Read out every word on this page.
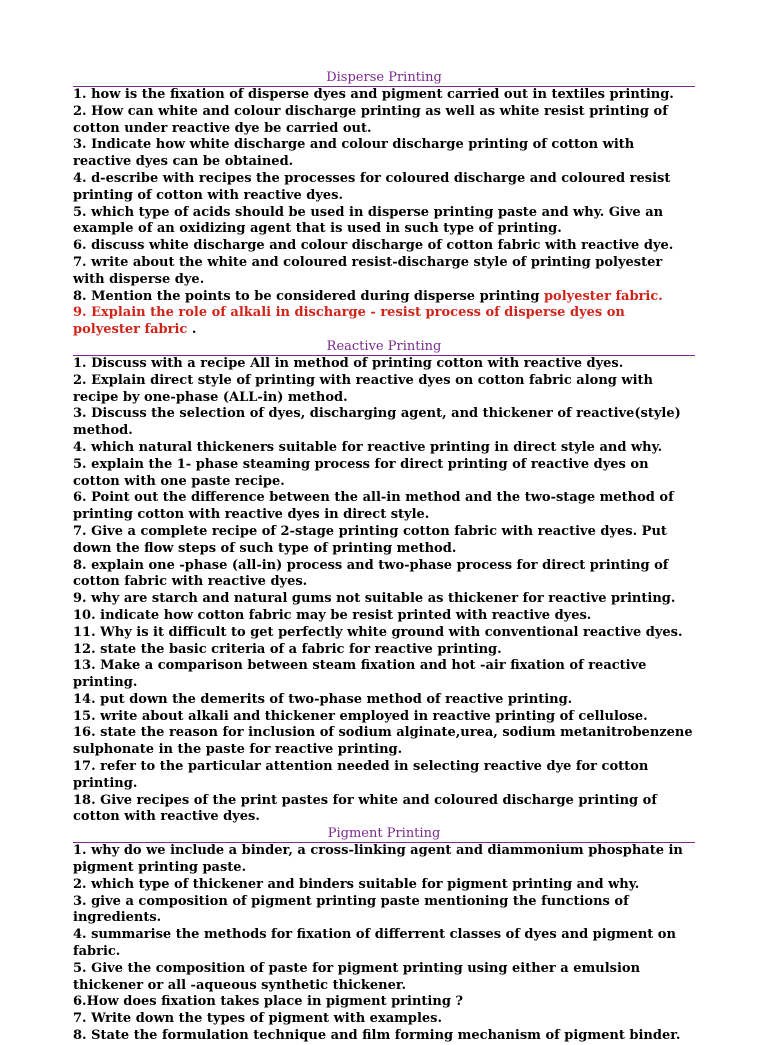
Disperse Printing

1. how is the fixation of disperse dyes and pigment carried out in textiles printing.

2. How can white and colour discharge printing as well as white resist printing of cotton under reactive dye be carried out.

3. Indicate how white discharge and colour discharge printing of cotton with reactive dyes can be obtained.

4. d-escribe with recipes the processes for coloured discharge and coloured resist printing of cotton with reactive dyes.

5. which type of acids should be used in disperse printing paste and why. Give an example of an oxidizing agent that is used in such type of printing.

6. discuss white discharge and colour discharge of cotton fabric with reactive dye.

7. write about the white and coloured resist-discharge style of printing polyester with disperse dye.

8. Mention the points to be considered during disperse printing polyester fabric.

9. Explain the role of alkali in discharge - resist process of disperse dyes on polyester fabric .

Reactive Printing

1. Discuss with a recipe All in method of printing cotton with reactive dyes.

2. Explain direct style of printing with reactive dyes on cotton fabric along with recipe by one-phase (ALL-in) method.

3. Discuss the selection of dyes, discharging agent, and thickener of reactive(style) method.

4. which natural thickeners suitable for reactive printing in direct style and why.

5. explain the 1- phase steaming process for direct printing of reactive dyes on cotton with one paste recipe.

6. Point out the difference between the all-in method and the two-stage method of printing cotton with reactive dyes in direct style.

7. Give a complete recipe of 2-stage printing cotton fabric with reactive dyes. Put down the flow steps of such type of printing method.

8. explain one -phase (all-in) process and two-phase process for direct printing of cotton fabric with reactive dyes.

9. why are starch and natural gums not suitable as thickener for reactive printing.

10. indicate how cotton fabric may be resist printed with reactive dyes.

11. Why is it difficult to get perfectly white ground with conventional reactive dyes.

12. state the basic criteria of a fabric for reactive printing.

13. Make a comparison between steam fixation and hot -air fixation of reactive printing.

14. put down the demerits of two-phase method of reactive printing.

15. write about alkali and thickener employed in reactive printing of cellulose.

16. state the reason for inclusion of sodium alginate,urea, sodium metanitrobenzene sulphonate in the paste for reactive printing.

17. refer to the particular attention needed in selecting reactive dye for cotton printing.

18. Give recipes of the print pastes for white and coloured discharge printing of cotton with reactive dyes.

Pigment Printing

1. why do we include a binder, a cross-linking agent and diammonium phosphate in pigment printing paste.

2. which type of thickener and binders suitable for pigment printing and why.

3. give a composition of pigment printing paste mentioning the functions of ingredients.

4. summarise the methods for fixation of differrent classes of dyes and pigment on fabric.

5. Give the composition of paste for pigment printing using either a emulsion thickener or all -aqueous synthetic thickener.

6.How does fixation takes place in pigment printing ?

7. Write down the types of pigment with examples.

8. State the formulation technique and film forming mechanism of pigment binder.
